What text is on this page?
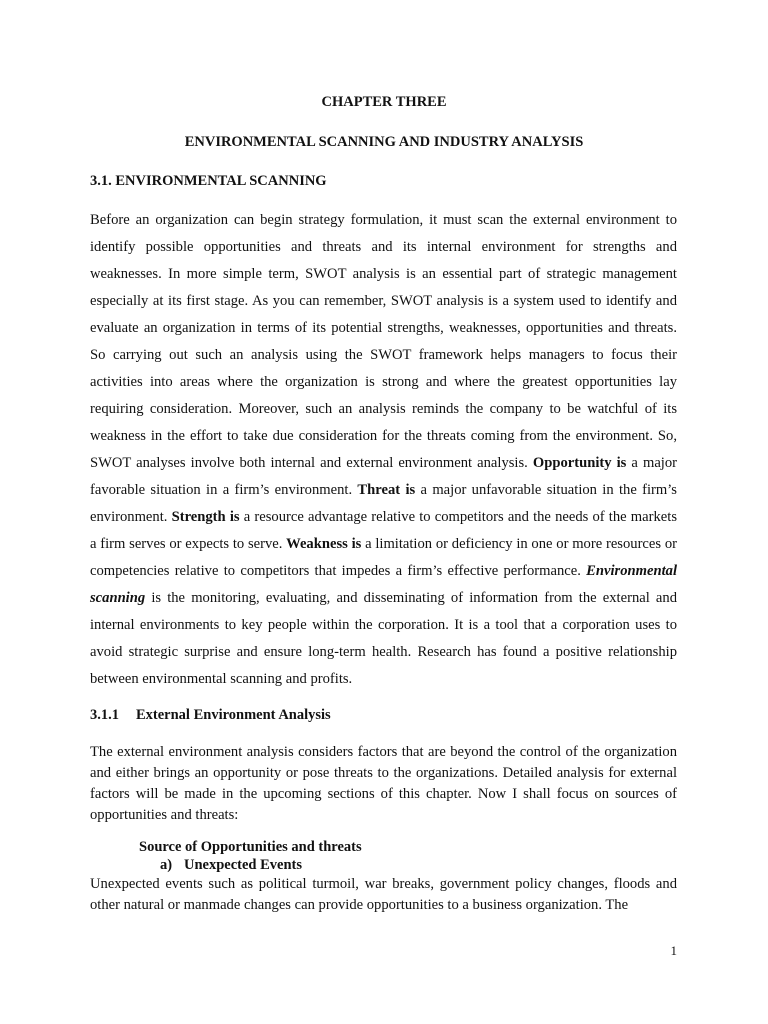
CHAPTER THREE
ENVIRONMENTAL SCANNING AND INDUSTRY ANALYSIS
3.1. ENVIRONMENTAL SCANNING

Before an organization can begin strategy formulation, it must scan the external environment to identify possible opportunities and threats and its internal environment for strengths and weaknesses. In more simple term, SWOT analysis is an essential part of strategic management especially at its first stage. As you can remember, SWOT analysis is a system used to identify and evaluate an organization in terms of its potential strengths, weaknesses, opportunities and threats. So carrying out such an analysis using the SWOT framework helps managers to focus their activities into areas where the organization is strong and where the greatest opportunities lay requiring consideration. Moreover, such an analysis reminds the company to be watchful of its weakness in the effort to take due consideration for the threats coming from the environment. So, SWOT analyses involve both internal and external environment analysis. Opportunity is a major favorable situation in a firm’s environment. Threat is a major unfavorable situation in the firm’s environment. Strength is a resource advantage relative to competitors and the needs of the markets a firm serves or expects to serve. Weakness is a limitation or deficiency in one or more resources or competencies relative to competitors that impedes a firm’s effective performance. Environmental scanning is the monitoring, evaluating, and disseminating of information from the external and internal environments to key people within the corporation. It is a tool that a corporation uses to avoid strategic surprise and ensure long-term health. Research has found a positive relationship between environmental scanning and profits.

3.1.1 External Environment Analysis

The external environment analysis considers factors that are beyond the control of the organization and either brings an opportunity or pose threats to the organizations. Detailed analysis for external factors will be made in the upcoming sections of this chapter. Now I shall focus on sources of opportunities and threats:

Source of Opportunities and threats
a) Unexpected Events

Unexpected events such as political turmoil, war breaks, government policy changes, floods and other natural or manmade changes can provide opportunities to a business organization. The

1
